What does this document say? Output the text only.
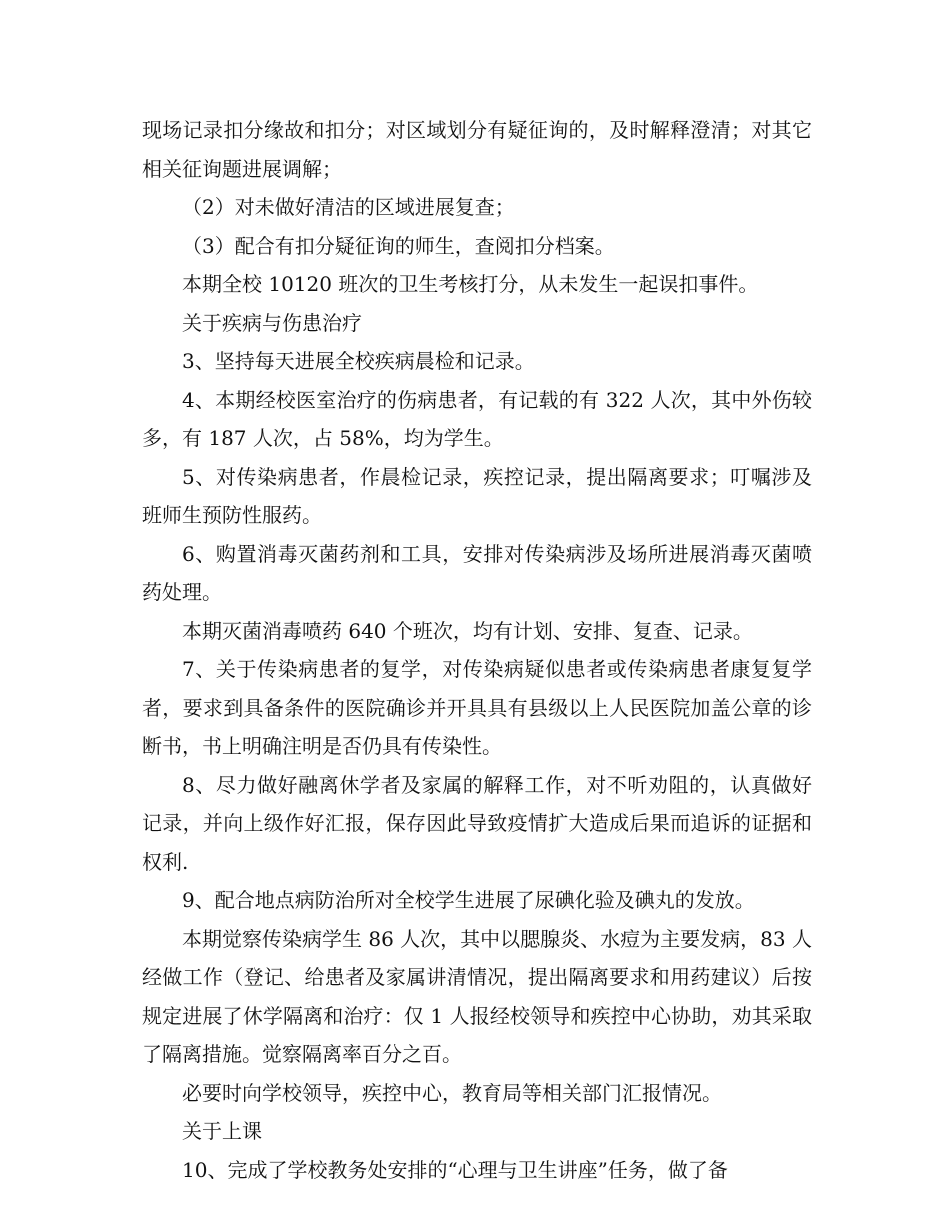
现场记录扣分缘故和扣分；对区域划分有疑征询的，及时解释澄清；对其它相关征询题进展调解；

（2）对未做好清洁的区域进展复查；

（3）配合有扣分疑征询的师生，查阅扣分档案。

本期全校 10120 班次的卫生考核打分，从未发生一起误扣事件。

关于疾病与伤患治疗

3、坚持每天进展全校疾病晨检和记录。

4、本期经校医室治疗的伤病患者，有记载的有 322 人次，其中外伤较多，有 187 人次，占 58%，均为学生。

5、对传染病患者，作晨检记录，疾控记录，提出隔离要求；叮嘱涉及班师生预防性服药。

6、购置消毒灭菌药剂和工具，安排对传染病涉及场所进展消毒灭菌喷药处理。

本期灭菌消毒喷药 640 个班次，均有计划、安排、复查、记录。

7、关于传染病患者的复学，对传染病疑似患者或传染病患者康复复学者，要求到具备条件的医院确诊并开具具有县级以上人民医院加盖公章的诊断书，书上明确注明是否仍具有传染性。

8、尽力做好融离休学者及家属的解释工作，对不听劝阻的，认真做好记录，并向上级作好汇报，保存因此导致疫情扩大造成后果而追诉的证据和权利.

9、配合地点病防治所对全校学生进展了尿碘化验及碘丸的发放。

本期觉察传染病学生 86 人次，其中以腮腺炎、水痘为主要发病，83 人经做工作（登记、给患者及家属讲清情况，提出隔离要求和用药建议）后按规定进展了休学隔离和治疗：仅 1 人报经校领导和疾控中心协助，劝其采取了隔离措施。觉察隔离率百分之百。

必要时向学校领导，疾控中心，教育局等相关部门汇报情况。

关于上课

10、完成了学校教务处安排的“心理与卫生讲座”任务，做了备
